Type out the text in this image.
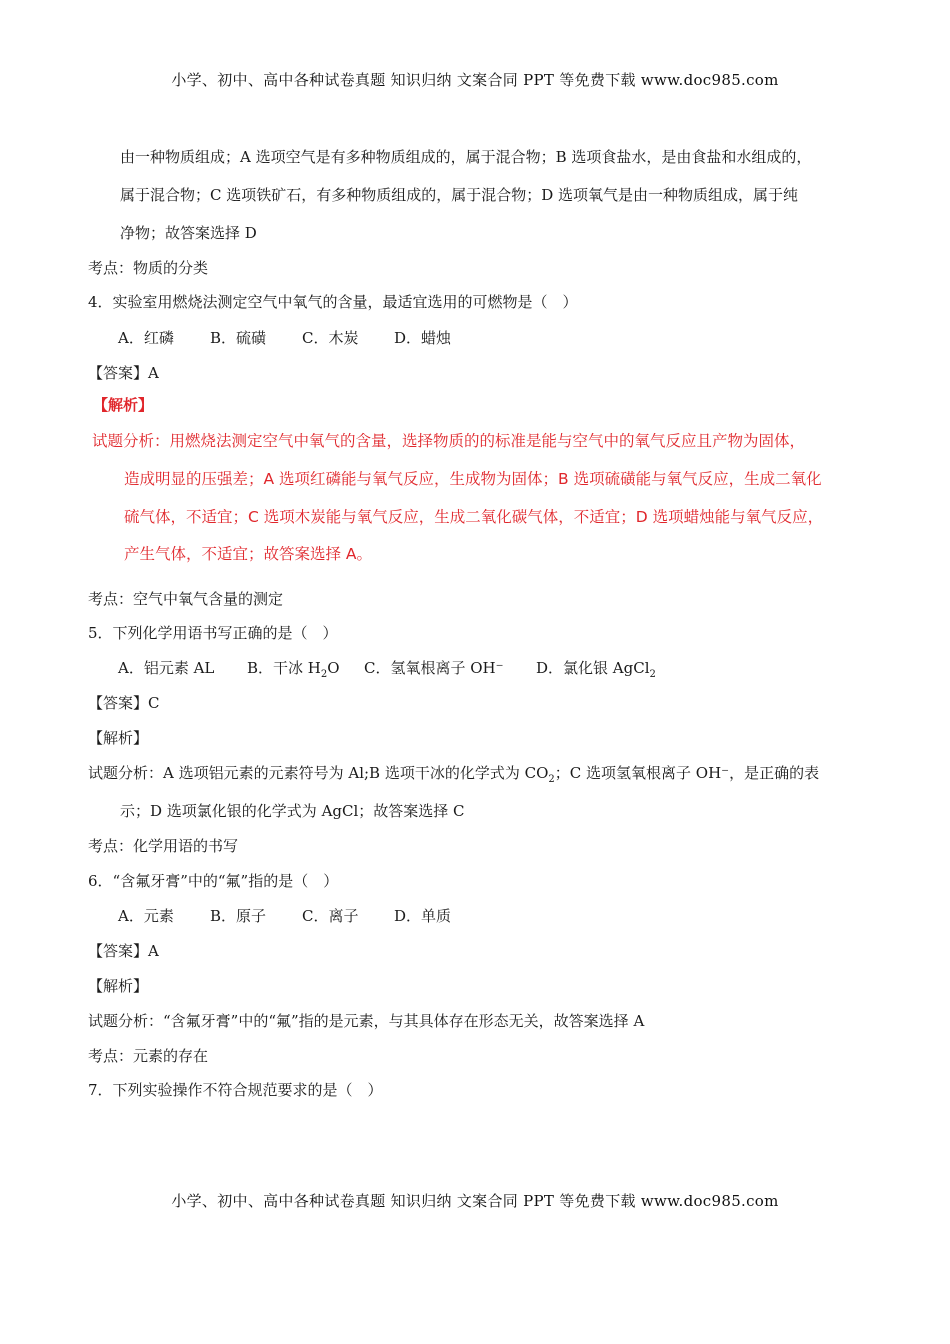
小学、初中、高中各种试卷真题 知识归纳 文案合同 PPT 等免费下载 www.doc985.com
由一种物质组成；A 选项空气是有多种物质组成的，属于混合物；B 选项食盐水，是由食盐和水组成的，
属于混合物；C 选项铁矿石，有多种物质组成的，属于混合物；D 选项氧气是由一种物质组成，属于纯
净物；故答案选择 D
考点：物质的分类
4．实验室用燃烧法测定空气中氧气的含量，最适宜选用的可燃物是（　）
A．红磷 B．硫磺 C．木炭 D．蜡烛
【答案】A
【解析】
试题分析：用燃烧法测定空气中氧气的含量，选择物质的的标准是能与空气中的氧气反应且产物为固体，
造成明显的压强差；A 选项红磷能与氧气反应，生成物为固体；B 选项硫磺能与氧气反应，生成二氧化
硫气体，不适宜；C 选项木炭能与氧气反应，生成二氧化碳气体，不适宜；D 选项蜡烛能与氧气反应，
产生气体，不适宜；故答案选择 A。
考点：空气中氧气含量的测定
5．下列化学用语书写正确的是（　）
A．铝元素 AL B．干冰 $H_2O$ C．氢氧根离子 OH⁻ D．氯化银 AgCl$_2$
【答案】C
【解析】
试题分析：A 选项铝元素的元素符号为 Al;B 选项干冰的化学式为 $CO_2$；C 选项氢氧根离子 OH⁻，是正确的表
示；D 选项氯化银的化学式为 AgCl；故答案选择 C
考点：化学用语的书写
6．“含氟牙膏”中的“氟”指的是（　）
A．元素 B．原子 C．离子 D．单质
【答案】A
【解析】
试题分析：“含氟牙膏”中的“氟”指的是元素，与其具体存在形态无关，故答案选择 A
考点：元素的存在
7．下列实验操作不符合规范要求的是（　）
小学、初中、高中各种试卷真题 知识归纳 文案合同 PPT 等免费下载 www.doc985.com
